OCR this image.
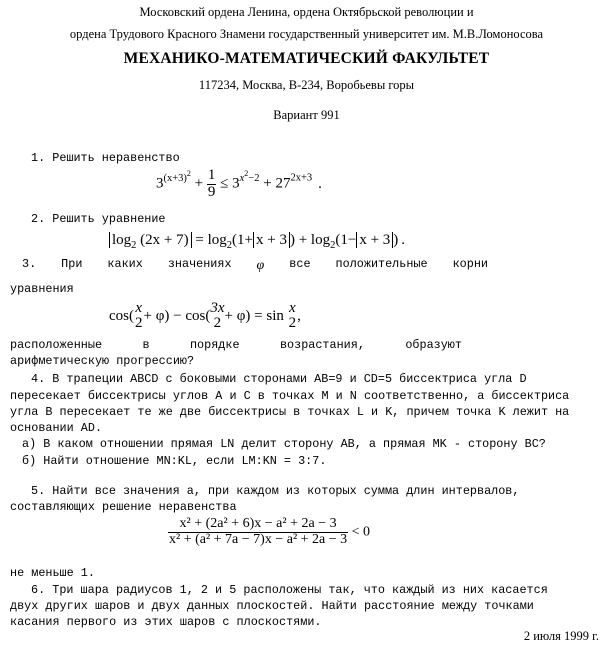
Московский ордена Ленина, ордена Октябрьской революции и
ордена Трудового Красного Знамени государственный университет им. М.В.Ломоносова
МЕХАНИКО-МАТЕМАТИЧЕСКИЙ ФАКУЛЬТЕТ
117234, Москва, В-234, Воробьевы горы
Вариант 991
1. Решить неравенство
$3^{(x+3)^2} + \frac{1}{9} \le 3^{x^2-2} + 27^{2x+3}$ .
2. Решить уравнение
$\log_2 (2x + 7) = \log_2(1+ x + 3$ ) + $\log_2(1- x + 3$ ) .
3. При каких значениях φ все положительные корни
уравнения
cos(x
2 + φ) − cos(3x
2 + φ) = sin x
2 ,
расположенные	в	порядке	возрастания,	образуют
арифметическую прогрессию?
4. В трапеции ABCD с боковыми сторонами AB=9 и CD=5 биссектриса угла D
пересекает биссектрисы углов A и C в точках M и N соответственно, а биссектриса
угла B пересекает те же две биссектрисы в точках L и K, причем точка K лежит на
основании AD.
а) В каком отношении прямая LN делит сторону AB, а прямая MK - сторону BC?
б) Найти отношение MN:KL, если LM:KN = 3:7.
5. Найти все значения a, при каждом из которых сумма длин интервалов,
составляющих решение неравенства
$\frac{\text{x² + (2a² + 6)x − a² + 2a − 3}}{\text{x² + (a² + 7a − 7)x − a² + 2a − 3}} < 0$
не меньше 1.
6. Три шара радиусов 1, 2 и 5 расположены так, что каждый из них касается
двух других шаров и двух данных плоскостей. Найти расстояние между точками
касания первого из этих шаров с плоскостями.
2 июля 1999 г.
